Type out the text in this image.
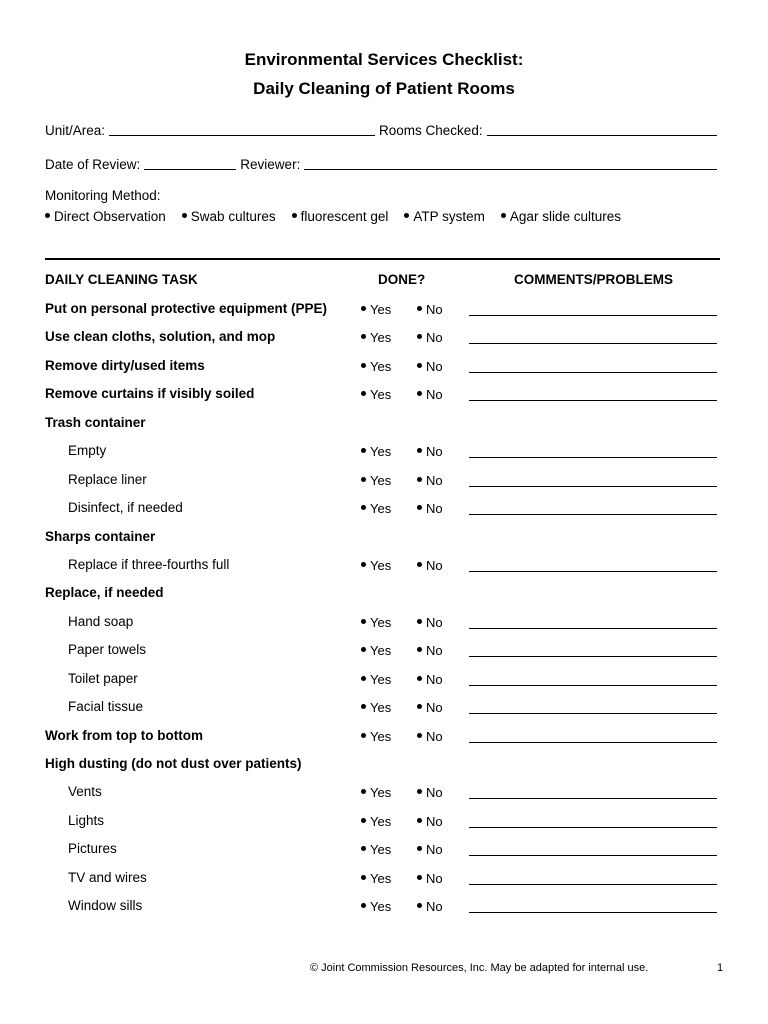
Environmental Services Checklist:
Daily Cleaning of Patient Rooms
Unit/Area:	Rooms Checked:
Date of Review:	Reviewer:
Monitoring Method:
Direct Observation Swab cultures fluorescent gel ATP system Agar slide cultures
DAILY CLEANING TASK	DONE?	COMMENTS/PROBLEMS
Put on personal protective equipment (PPE)	Yes	No
Use clean cloths, solution, and mop	Yes	No
Remove dirty/used items	Yes	No
Remove curtains if visibly soiled	Yes	No
Trash container
Empty	Yes	No
Replace liner	Yes	No
Disinfect, if needed	Yes	No
Sharps container
Replace if three-fourths full	Yes	No
Replace, if needed
Hand soap	Yes	No
Paper towels	Yes	No
Toilet paper	Yes	No
Facial tissue	Yes	No
Work from top to bottom	Yes	No
High dusting (do not dust over patients)
Vents	Yes	No
Lights	Yes	No
Pictures	Yes	No
TV and wires	Yes	No
Window sills	Yes	No
© Joint Commission Resources, Inc. May be adapted for internal use.	1
